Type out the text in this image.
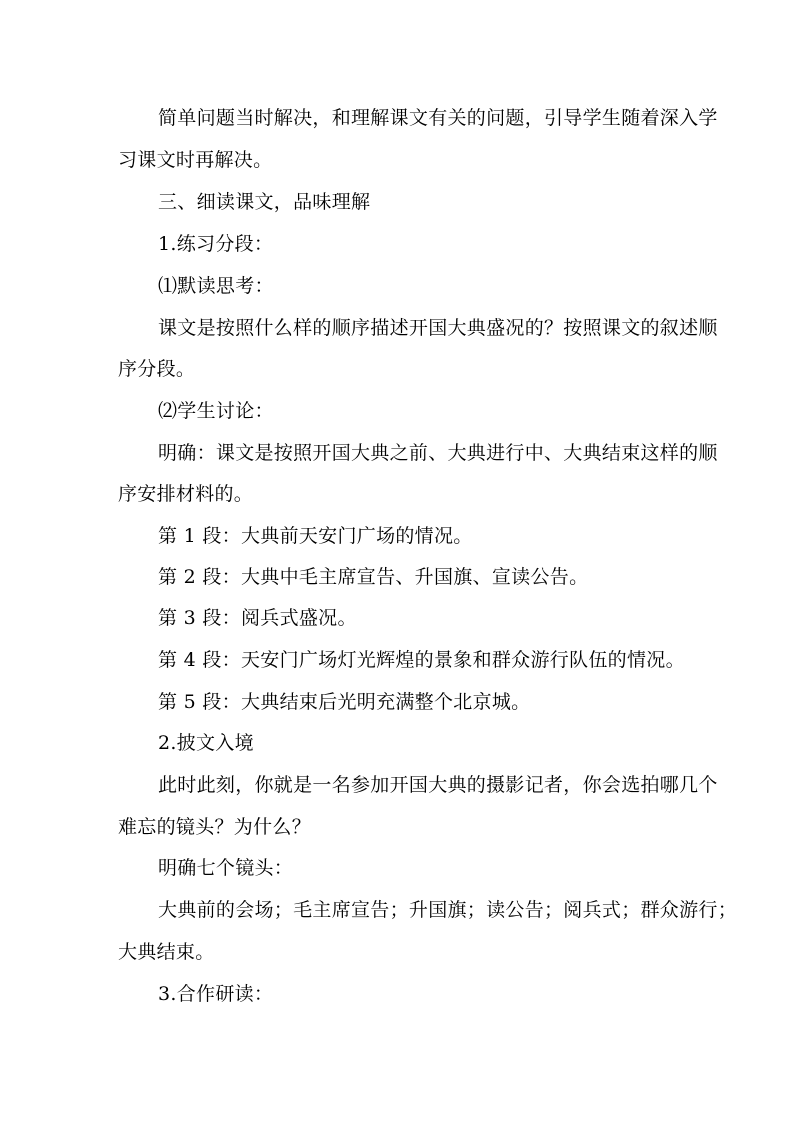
简单问题当时解决，和理解课文有关的问题，引导学生随着深入学
习课文时再解决。
三、细读课文，品味理解
1.练习分段：
⑴默读思考：
课文是按照什么样的顺序描述开国大典盛况的？按照课文的叙述顺
序分段。
⑵学生讨论：
明确：课文是按照开国大典之前、大典进行中、大典结束这样的顺
序安排材料的。
第 1 段：大典前天安门广场的情况。
第 2 段：大典中毛主席宣告、升国旗、宣读公告。
第 3 段：阅兵式盛况。
第 4 段：天安门广场灯光辉煌的景象和群众游行队伍的情况。
第 5 段：大典结束后光明充满整个北京城。
2.披文入境
此时此刻，你就是一名参加开国大典的摄影记者，你会选拍哪几个
难忘的镜头？为什么？
明确七个镜头：
大典前的会场；毛主席宣告；升国旗；读公告；阅兵式；群众游行；
大典结束。
3.合作研读：
